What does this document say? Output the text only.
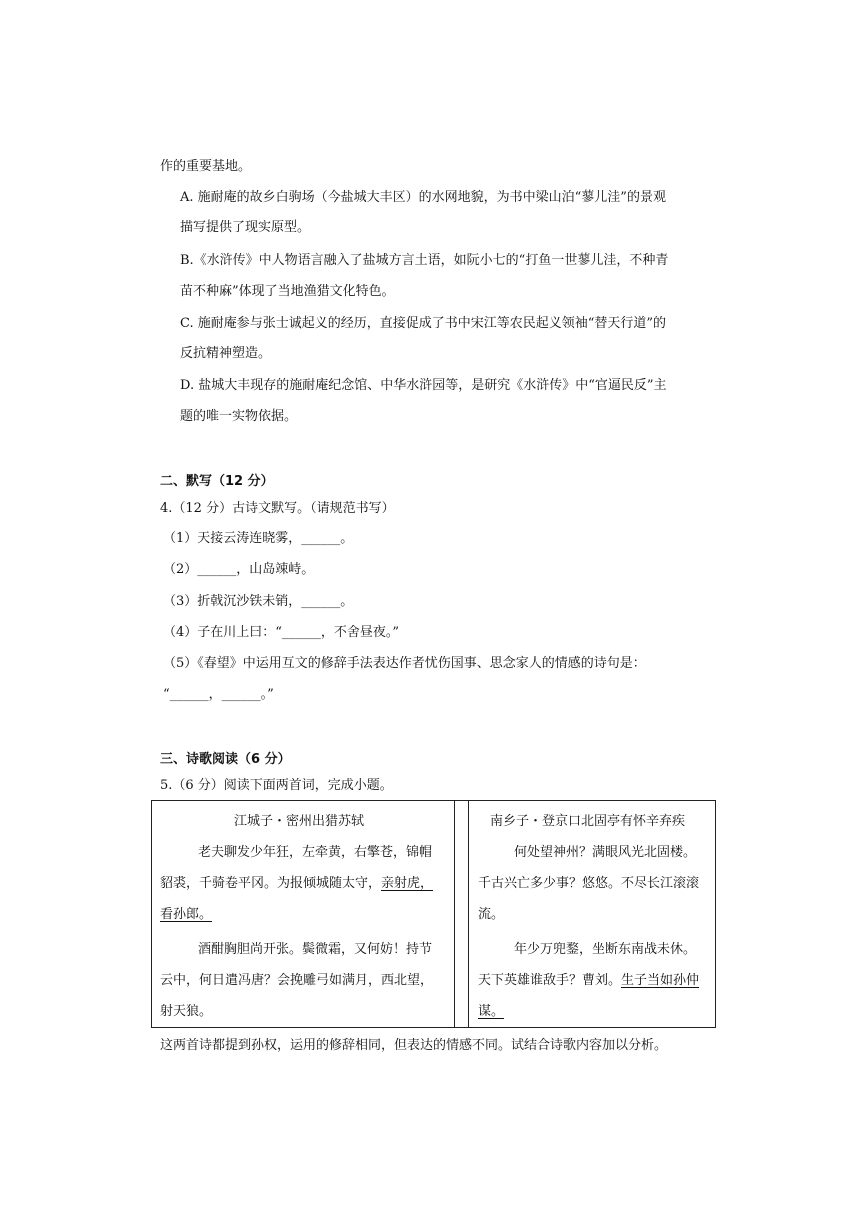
作的重要基地。
A. 施耐庵的故乡白驹场（今盐城大丰区）的水网地貌，为书中梁山泊“蓼儿洼”的景观
描写提供了现实原型。
B.《水浒传》中人物语言融入了盐城方言土语，如阮小七的“打鱼一世蓼儿洼，不种青
苗不种麻”体现了当地渔猎文化特色。
C. 施耐庵参与张士诚起义的经历，直接促成了书中宋江等农民起义领袖“替天行道”的
反抗精神塑造。
D. 盐城大丰现存的施耐庵纪念馆、中华水浒园等，是研究《水浒传》中“官逼民反”主
题的唯一实物依据。
二、默写（12 分）
4.（12 分）古诗文默写。（请规范书写）
（1）天接云涛连晓雾，______。
（2）______，山岛竦峙。
（3）折戟沉沙铁未销，______。
（4）子在川上曰：“______，不舍昼夜。”
（5）《春望》中运用互文的修辞手法表达作者忧伤国事、思念家人的情感的诗句是：
“______，______。”
三、诗歌阅读（6 分）
5.（6 分）阅读下面两首词，完成小题。
江城子・密州出猎苏轼
老夫聊发少年狂，左牵黄，右擎苍，锦帽
貂裘，千骑卷平冈。为报倾城随太守，亲射虎，
看孙郎。
酒酣胸胆尚开张。鬓微霜，又何妨！持节
云中，何日遣冯唐？会挽雕弓如满月，西北望，
射天狼。
南乡子・登京口北固亭有怀辛弃疾
何处望神州？满眼风光北固楼。
千古兴亡多少事？悠悠。不尽长江滚滚
流。
年少万兜鍪，坐断东南战未休。
天下英雄谁敌手？曹刘。生子当如孙仲
谋。
这两首诗都提到孙权，运用的修辞相同，但表达的情感不同。试结合诗歌内容加以分析。
